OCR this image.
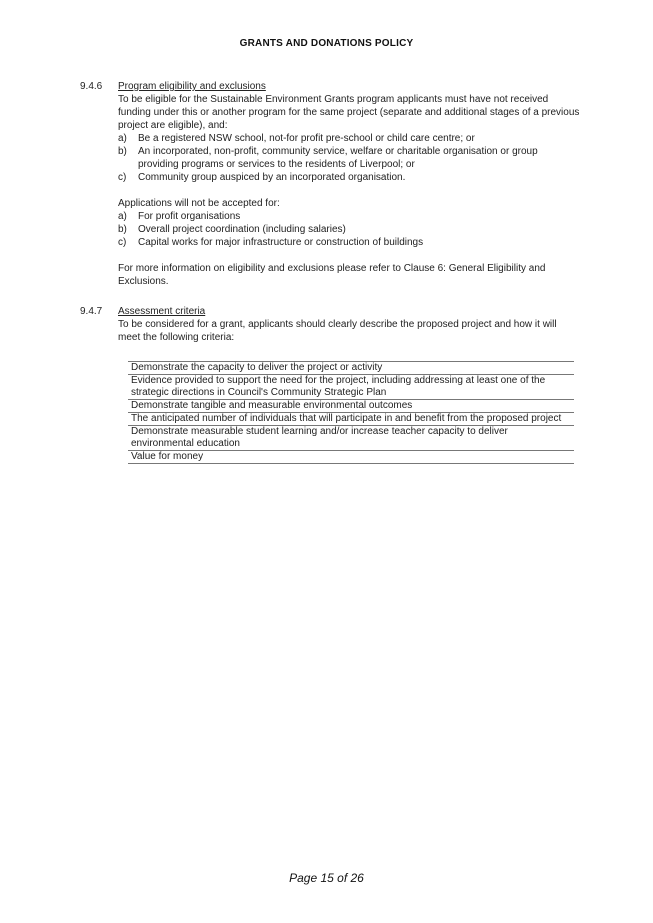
GRANTS AND DONATIONS POLICY
9.4.6	Program eligibility and exclusions

To be eligible for the Sustainable Environment Grants program applicants must have not received funding under this or another program for the same project (separate and additional stages of a previous project are eligible), and:

a) Be a registered NSW school, not-for profit pre-school or child care centre; or
b) An incorporated, non-profit, community service, welfare or charitable organisation or group providing programs or services to the residents of Liverpool; or
c) Community group auspiced by an incorporated organisation.

Applications will not be accepted for:

a) For profit organisations
b) Overall project coordination (including salaries)
c) Capital works for major infrastructure or construction of buildings

For more information on eligibility and exclusions please refer to Clause 6: General Eligibility and Exclusions.

9.4.7	Assessment criteria

To be considered for a grant, applicants should clearly describe the proposed project and how it will meet the following criteria:

Demonstrate the capacity to deliver the project or activity
Evidence provided to support the need for the project, including addressing at least one of the strategic directions in Council's Community Strategic Plan
Demonstrate tangible and measurable environmental outcomes
The anticipated number of individuals that will participate in and benefit from the proposed project
Demonstrate measurable student learning and/or increase teacher capacity to deliver environmental education
Value for money
Page 15 of 26
